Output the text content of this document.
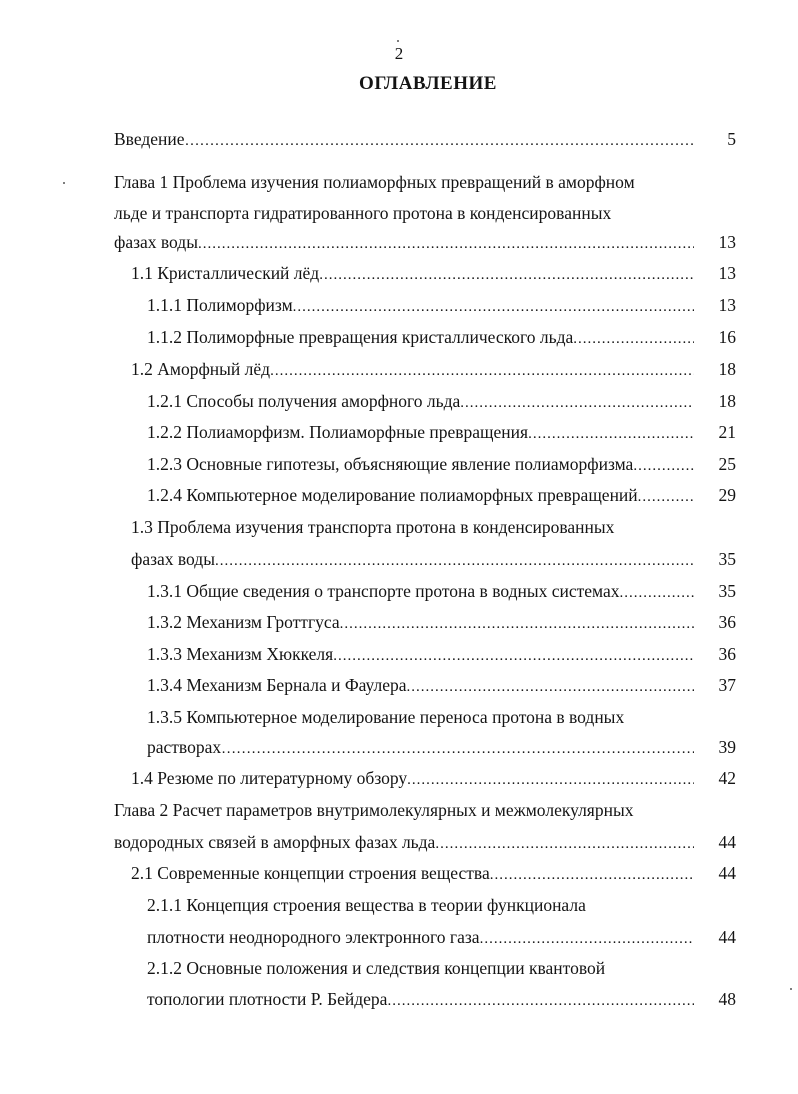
2
ОГЛАВЛЕНИЕ
Введение ……………………………………………………………………………………………………………………………………………………………………………………………………	5
Глава 1 Проблема изучения полиаморфных превращений в аморфном
льде и транспорта гидратированного протона в конденсированных
фазах воды .....	13
1.1 Кристаллический лёд .....	13
1.1.1 Полиморфизм .....	13
1.1.2 Полиморфные превращения кристаллического льда .....	16
1.2 Аморфный лёд .....	18
1.2.1 Способы получения аморфного льда .....	18
1.2.2 Полиаморфизм. Полиаморфные превращения .....	21
1.2.3 Основные гипотезы, объясняющие явление полиаморфизма .....	25
1.2.4 Компьютерное моделирование полиаморфных превращений .....	29
1.3 Проблема изучения транспорта протона в конденсированных
фазах воды .....	35
1.3.1 Общие сведения о транспорте протона в водных системах .....	35
1.3.2 Механизм Гроттгуса .....	36
1.3.3 Механизм Хюккеля .....	36
1.3.4 Механизм Бернала и Фаулера .....	37
1.3.5 Компьютерное моделирование переноса протона в водных
растворах ……………………………………………………………………………………………………………………………………………………………………………………………………	39
1.4 Резюме по литературному обзору .....	42
Глава 2 Расчет параметров внутримолекулярных и межмолекулярных
водородных связей в аморфных фазах льда .....	44
2.1 Современные концепции строения вещества .....	44
2.1.1 Концепция строения вещества в теории функционала
плотности неоднородного электронного газа .....	44
2.1.2 Основные положения и следствия концепции квантовой
топологии плотности Р. Бейдера .....	48
